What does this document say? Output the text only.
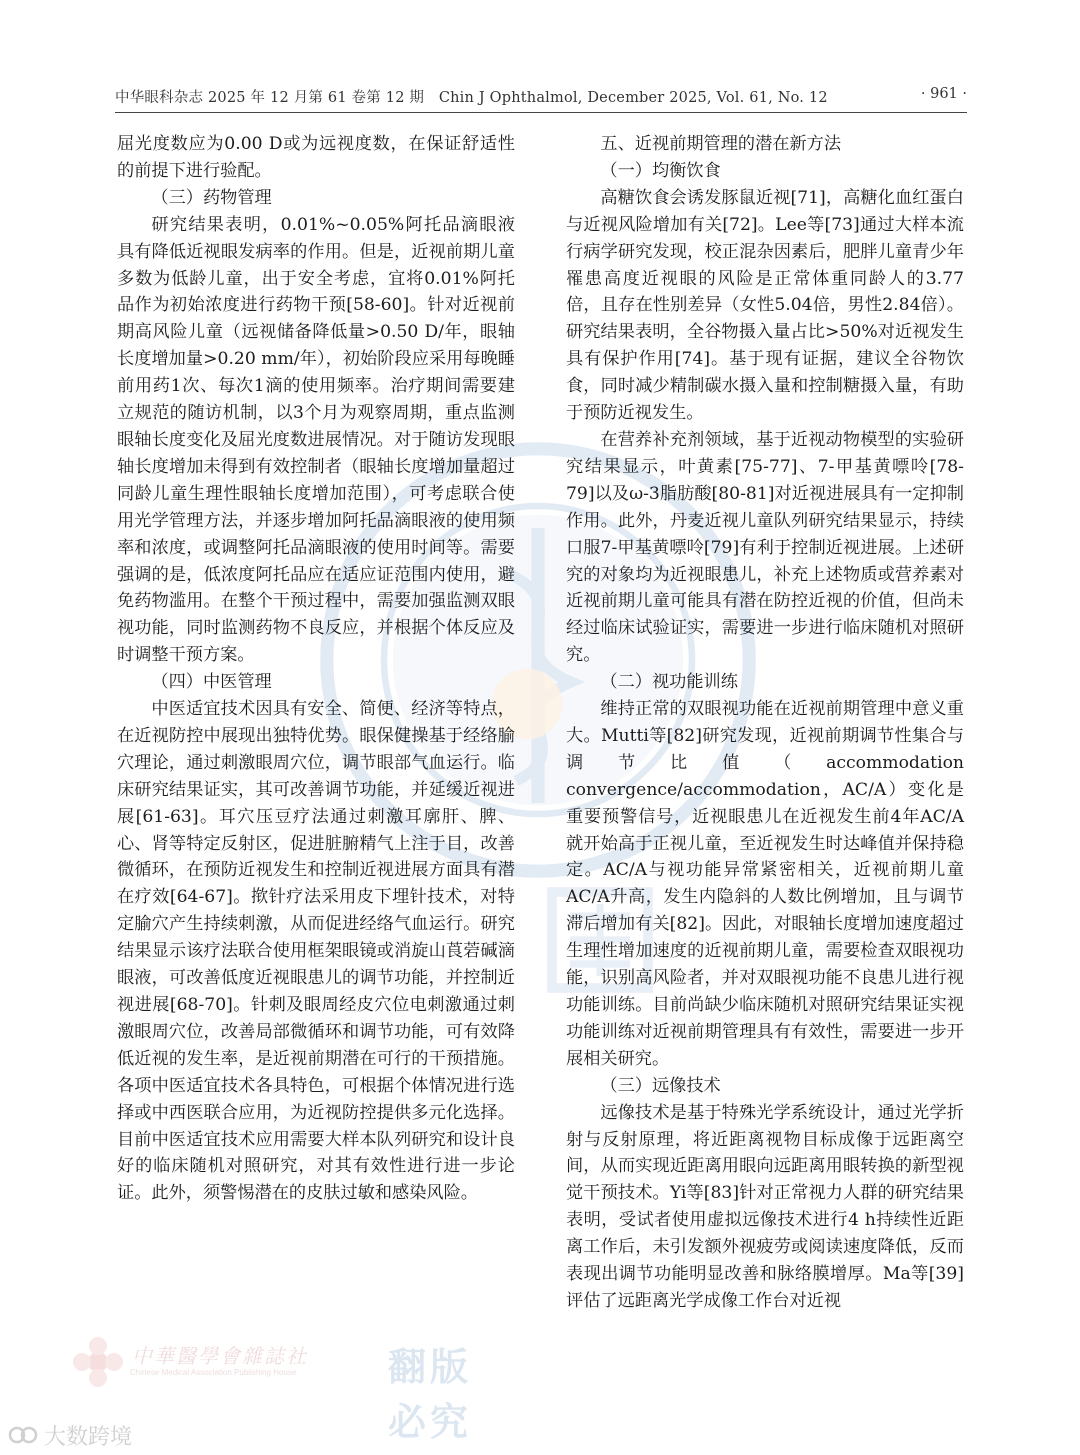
中华眼科杂志 2025 年 12 月第 61 卷第 12 期　Chin J Ophthalmol, December 2025, Vol. 61, No. 12	· 961 ·

屈光度数应为0.00 D或为远视度数，在保证舒适性的前提下进行验配。

（三）药物管理

研究结果表明，0.01%~0.05%阿托品滴眼液具有降低近视眼发病率的作用。但是，近视前期儿童多数为低龄儿童，出于安全考虑，宜将0.01%阿托品作为初始浓度进行药物干预[58-60]。针对近视前期高风险儿童（远视储备降低量>0.50 D/年，眼轴长度增加量>0.20 mm/年），初始阶段应采用每晚睡前用药1次、每次1滴的使用频率。治疗期间需要建立规范的随访机制，以3个月为观察周期，重点监测眼轴长度变化及屈光度数进展情况。对于随访发现眼轴长度增加未得到有效控制者（眼轴长度增加量超过同龄儿童生理性眼轴长度增加范围），可考虑联合使用光学管理方法，并逐步增加阿托品滴眼液的使用频率和浓度，或调整阿托品滴眼液的使用时间等。需要强调的是，低浓度阿托品应在适应证范围内使用，避免药物滥用。在整个干预过程中，需要加强监测双眼视功能，同时监测药物不良反应，并根据个体反应及时调整干预方案。

（四）中医管理

中医适宜技术因具有安全、简便、经济等特点，在近视防控中展现出独特优势。眼保健操基于经络腧穴理论，通过刺激眼周穴位，调节眼部气血运行。临床研究结果证实，其可改善调节功能，并延缓近视进展[61-63]。耳穴压豆疗法通过刺激耳廓肝、脾、心、肾等特定反射区，促进脏腑精气上注于目，改善微循环，在预防近视发生和控制近视进展方面具有潜在疗效[64-67]。揿针疗法采用皮下埋针技术，对特定腧穴产生持续刺激，从而促进经络气血运行。研究结果显示该疗法联合使用框架眼镜或消旋山莨菪碱滴眼液，可改善低度近视眼患儿的调节功能，并控制近视进展[68-70]。针刺及眼周经皮穴位电刺激通过刺激眼周穴位，改善局部微循环和调节功能，可有效降低近视的发生率，是近视前期潜在可行的干预措施。各项中医适宜技术各具特色，可根据个体情况进行选择或中西医联合应用，为近视防控提供多元化选择。目前中医适宜技术应用需要大样本队列研究和设计良好的临床随机对照研究，对其有效性进行进一步论证。此外，须警惕潜在的皮肤过敏和感染风险。

五、近视前期管理的潜在新方法
（一）均衡饮食

高糖饮食会诱发豚鼠近视[71]，高糖化血红蛋白与近视风险增加有关[72]。Lee等[73]通过大样本流行病学研究发现，校正混杂因素后，肥胖儿童青少年罹患高度近视眼的风险是正常体重同龄人的3.77倍，且存在性别差异（女性5.04倍，男性2.84倍）。研究结果表明，全谷物摄入量占比>50%对近视发生具有保护作用[74]。基于现有证据，建议全谷物饮食，同时减少精制碳水摄入量和控制糖摄入量，有助于预防近视发生。

在营养补充剂领域，基于近视动物模型的实验研究结果显示，叶黄素[75-77]、7-甲基黄嘌呤[78-79]以及ω-3脂肪酸[80-81]对近视进展具有一定抑制作用。此外，丹麦近视儿童队列研究结果显示，持续口服7-甲基黄嘌呤[79]有利于控制近视进展。上述研究的对象均为近视眼患儿，补充上述物质或营养素对近视前期儿童可能具有潜在防控近视的价值，但尚未经过临床试验证实，需要进一步进行临床随机对照研究。

（二）视功能训练

维持正常的双眼视功能在近视前期管理中意义重大。Mutti等[82]研究发现，近视前期调节性集合与调节比值（accommodation convergence/accommodation，AC/A）变化是重要预警信号，近视眼患儿在近视发生前4年AC/A就开始高于正视儿童，至近视发生时达峰值并保持稳定。AC/A与视功能异常紧密相关，近视前期儿童AC/A升高，发生内隐斜的人数比例增加，且与调节滞后增加有关[82]。因此，对眼轴长度增加速度超过生理性增加速度的近视前期儿童，需要检查双眼视功能，识别高风险者，并对双眼视功能不良患儿进行视功能训练。目前尚缺少临床随机对照研究结果证实视功能训练对近视前期管理具有有效性，需要进一步开展相关研究。

（三）远像技术

远像技术是基于特殊光学系统设计，通过光学折射与反射原理，将近距离视物目标成像于远距离空间，从而实现近距离用眼向远距离用眼转换的新型视觉干预技术。Yi等[83]针对正常视力人群的研究结果表明，受试者使用虚拟远像技术进行4 h持续性近距离工作后，未引发额外视疲劳或阅读速度降低，反而表现出调节功能明显改善和脉络膜增厚。Ma等[39]评估了远距离光学成像工作台对近视

中華醫學會雜誌社
Chinese Medical Association Publishing House 翻版 必究
大数跨境
